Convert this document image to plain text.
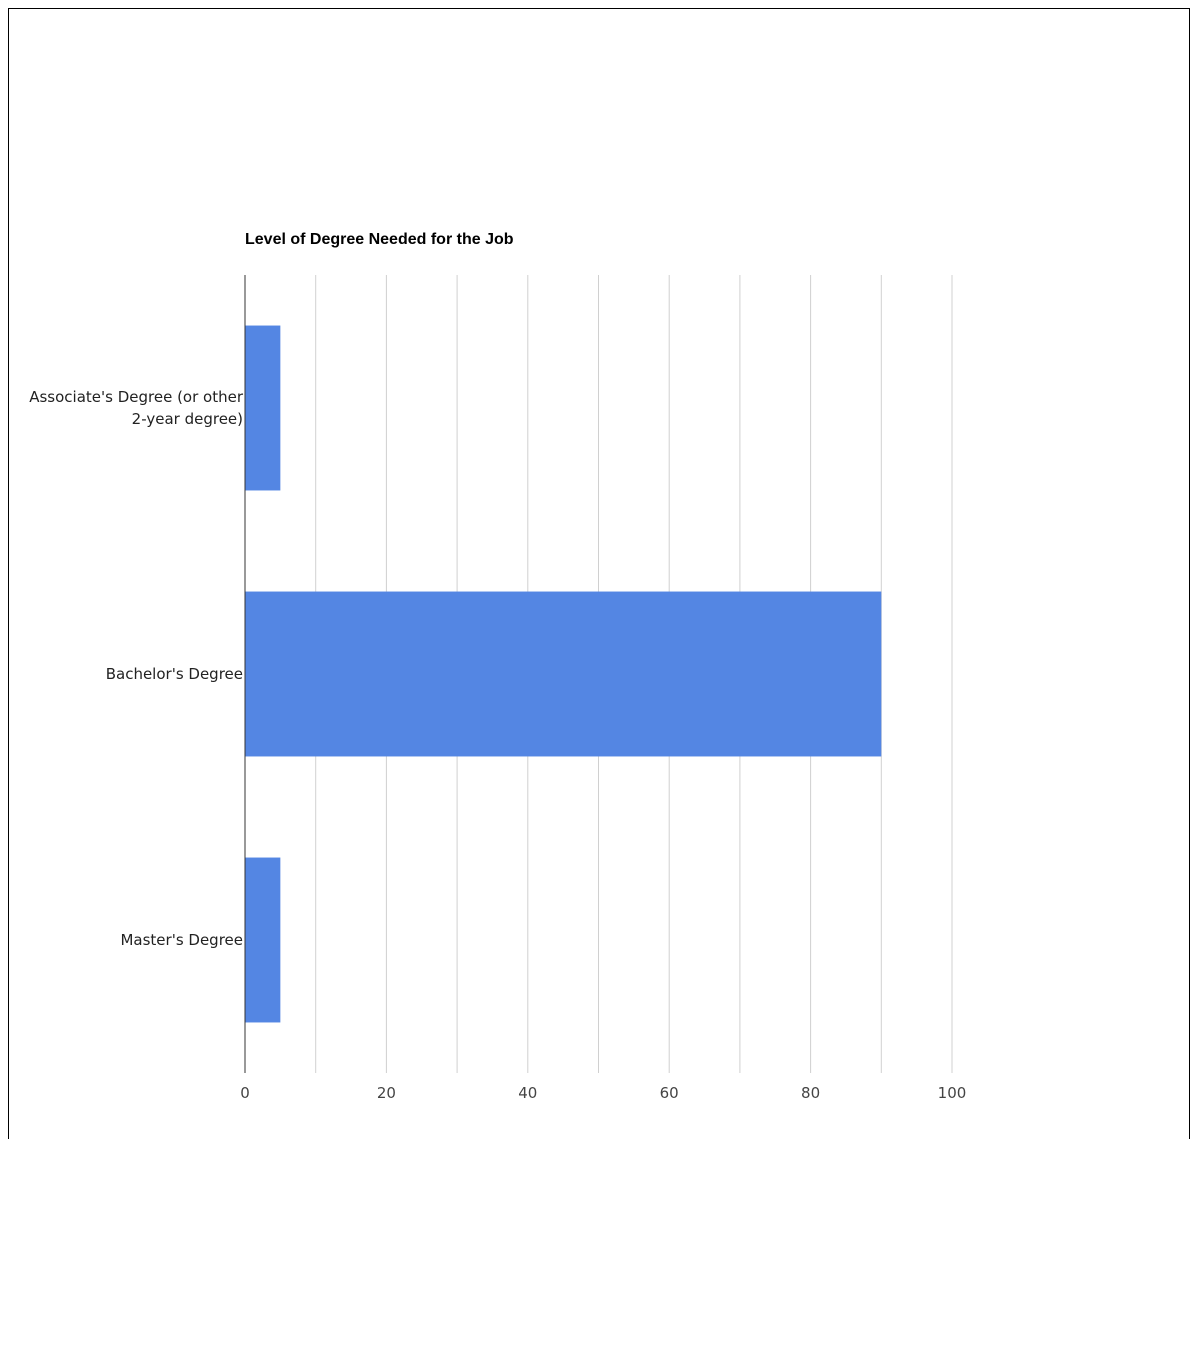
Level of Degree Needed for the Job
Associate's Degree (or other
2-year degree)
Bachelor's Degree
Master's Degree
0	20	40	60	80	100
